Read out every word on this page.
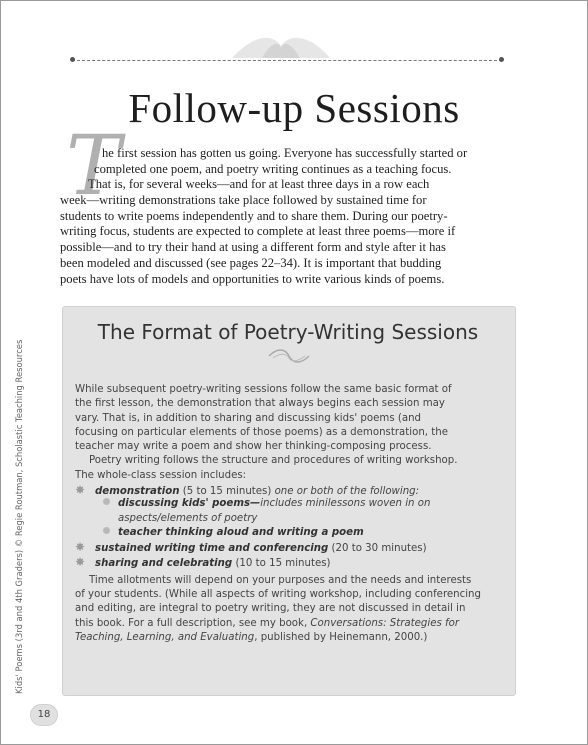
Follow-up Sessions
T
he first session has gotten us going. Everyone has successfully started or
completed one poem, and poetry writing continues as a teaching focus.
That is, for several weeks—and for at least three days in a row each
week—writing demonstrations take place followed by sustained time for
students to write poems independently and to share them. During our poetry-
writing focus, students are expected to complete at least three poems—more if
possible—and to try their hand at using a different form and style after it has
been modeled and discussed (see pages 22–34). It is important that budding
poets have lots of models and opportunities to write various kinds of poems.
The Format of Poetry-Writing Sessions
While subsequent poetry-writing sessions follow the same basic format of
the first lesson, the demonstration that always begins each session may
vary. That is, in addition to sharing and discussing kids' poems (and
focusing on particular elements of those poems) as a demonstration, the
teacher may write a poem and show her thinking-composing process.
Poetry writing follows the structure and procedures of writing workshop.
The whole-class session includes:
✸ demonstration (5 to 15 minutes) one or both of the following:
discussing kids' poems—includes minilessons woven in on
aspects/elements of poetry
teacher thinking aloud and writing a poem
✸ sustained writing time and conferencing (20 to 30 minutes)
✸ sharing and celebrating (10 to 15 minutes)
Time allotments will depend on your purposes and the needs and interests
of your students. (While all aspects of writing workshop, including conferencing
and editing, are integral to poetry writing, they are not discussed in detail in
this book. For a full description, see my book, Conversations: Strategies for
Teaching, Learning, and Evaluating, published by Heinemann, 2000.)
Kids' Poems (3rd and 4th Graders) © Regie Routman, Scholastic Teaching Resources
18
